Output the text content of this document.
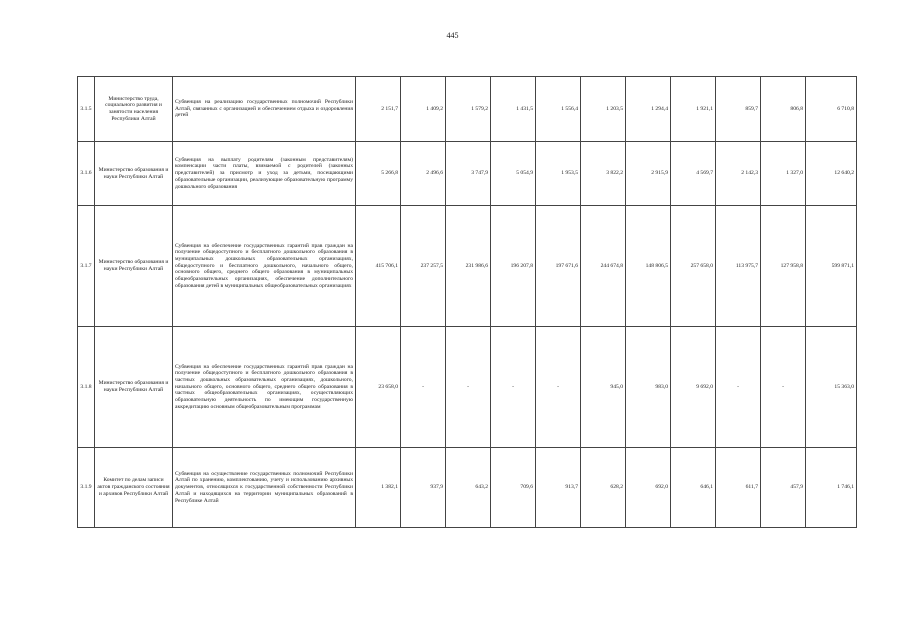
445
3.1.5	Министерство труда, социального развития и занятости населения Республики Алтай	Субвенция на реализацию государственных полномочий Республики Алтай, связанных с организацией и обеспечением отдыха и оздоровления детей	2 151,7	1 409,2	1 579,2	1 431,5	1 556,4	1 203,5	1 294,4	1 921,1	859,7	806,8	6 710,8
3.1.6	Министерство образования и науки Республики Алтай	Субвенция на выплату родителям (законным представителям) компенсации части платы, взимаемой с родителей (законных представителей) за присмотр и уход за детьми, посещающими образовательные организации, реализующие образовательную программу дошкольного образования	5 266,8	2 496,6	3 747,9	5 054,9	1 953,5	3 822,2	2 915,9	4 569,7	2 142,3	1 327,0	12 640,2
3.1.7	Министерство образования и науки Республики Алтай	Субвенция на обеспечение государственных гарантий прав граждан на получение общедоступного и бесплатного дошкольного образования в муниципальных дошкольных образовательных организациях, общедоступного и бесплатного дошкольного, начального общего, основного общего, среднего общего образования в муниципальных общеобразовательных организациях, обеспечение дополнительного образования детей в муниципальных общеобразовательных организациях	415 706,1	237 257,5	231 986,6	196 207,8	197 671,6	244 674,8	148 806,5	257 658,0	113 975,7	127 958,8	599 871,1
3.1.8	Министерство образования и науки Республики Алтай	Субвенция на обеспечение государственных гарантий прав граждан на получение общедоступного и бесплатного дошкольного образования в частных дошкольных образовательных организациях, дошкольного, начального общего, основного общего, среднего общего образования в частных общеобразовательных организациях, осуществляющих образовательную деятельность по имеющим государственную аккредитацию основным общеобразовательным программам	23 658,0	-	-	-	-	945,0	983,0	9 692,0	-	-	15 363,0
3.1.9	Комитет по делам записи актов гражданского состояния и архивов Республики Алтай	Субвенция на осуществление государственных полномочий Республики Алтай по хранению, комплектованию, учету и использованию архивных документов, относящихся к государственной собственности Республики Алтай и находящихся на территории муниципальных образований в Республике Алтай	1 382,1	937,9	643,2	709,6	913,7	628,2	692,0	646,1	611,7	457,9	1 746,1
